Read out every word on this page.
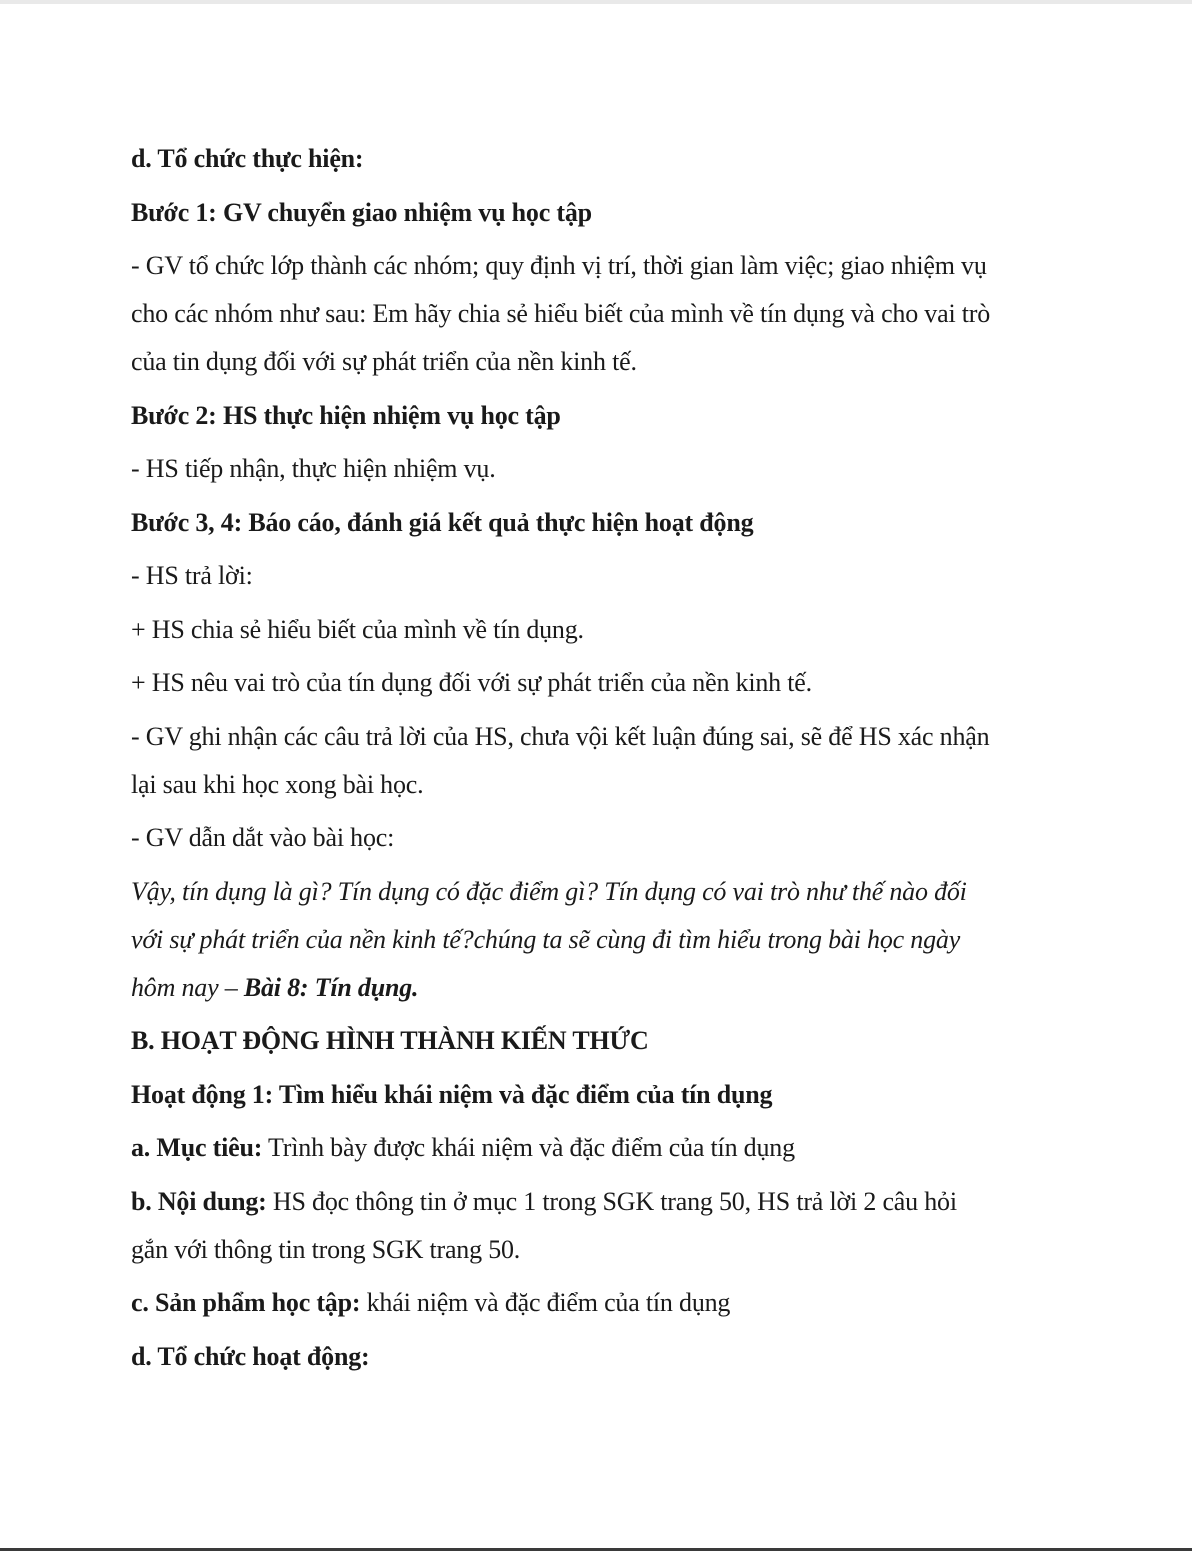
d. Tổ chức thực hiện:
Bước 1: GV chuyển giao nhiệm vụ học tập
- GV tổ chức lớp thành các nhóm; quy định vị trí, thời gian làm việc; giao nhiệm vụ
cho các nhóm như sau: Em hãy chia sẻ hiểu biết của mình về tín dụng và cho vai trò
của tin dụng đối với sự phát triển của nền kinh tế.
Bước 2: HS thực hiện nhiệm vụ học tập
- HS tiếp nhận, thực hiện nhiệm vụ.
Bước 3, 4: Báo cáo, đánh giá kết quả thực hiện hoạt động
- HS trả lời:
+ HS chia sẻ hiểu biết của mình về tín dụng.
+ HS nêu vai trò của tín dụng đối với sự phát triển của nền kinh tế.
- GV ghi nhận các câu trả lời của HS, chưa vội kết luận đúng sai, sẽ để HS xác nhận
lại sau khi học xong bài học.
- GV dẫn dắt vào bài học:
Vậy, tín dụng là gì? Tín dụng có đặc điểm gì? Tín dụng có vai trò như thế nào đối
với sự phát triển của nền kinh tế?chúng ta sẽ cùng đi tìm hiểu trong bài học ngày
hôm nay – Bài 8: Tín dụng.
B. HOẠT ĐỘNG HÌNH THÀNH KIẾN THỨC
Hoạt động 1: Tìm hiểu khái niệm và đặc điểm của tín dụng
a. Mục tiêu: Trình bày được khái niệm và đặc điểm của tín dụng
b. Nội dung: HS đọc thông tin ở mục 1 trong SGK trang 50, HS trả lời 2 câu hỏi
gắn với thông tin trong SGK trang 50.
c. Sản phẩm học tập: khái niệm và đặc điểm của tín dụng
d. Tổ chức hoạt động:
